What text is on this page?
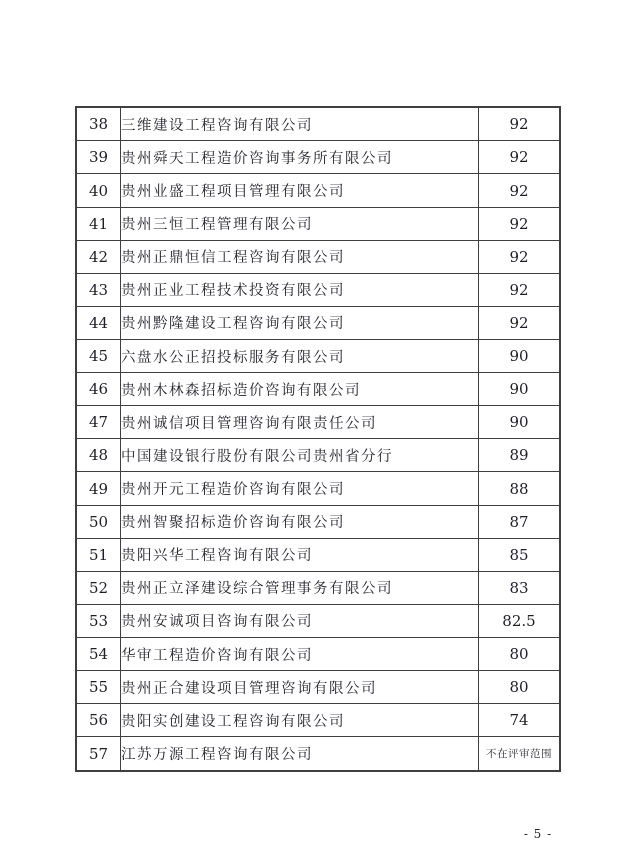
38	三维建设工程咨询有限公司	92
39	贵州舜天工程造价咨询事务所有限公司	92
40	贵州业盛工程项目管理有限公司	92
41	贵州三恒工程管理有限公司	92
42	贵州正鼎恒信工程咨询有限公司	92
43	贵州正业工程技术投资有限公司	92
44	贵州黔隆建设工程咨询有限公司	92
45	六盘水公正招投标服务有限公司	90
46	贵州木林森招标造价咨询有限公司	90
47	贵州诚信项目管理咨询有限责任公司	90
48	中国建设银行股份有限公司贵州省分行	89
49	贵州开元工程造价咨询有限公司	88
50	贵州智聚招标造价咨询有限公司	87
51	贵阳兴华工程咨询有限公司	85
52	贵州正立泽建设综合管理事务有限公司	83
53	贵州安诚项目咨询有限公司	82.5
54	华审工程造价咨询有限公司	80
55	贵州正合建设项目管理咨询有限公司	80
56	贵阳实创建设工程咨询有限公司	74
57	江苏万源工程咨询有限公司	不在评审范围
- 5 -
